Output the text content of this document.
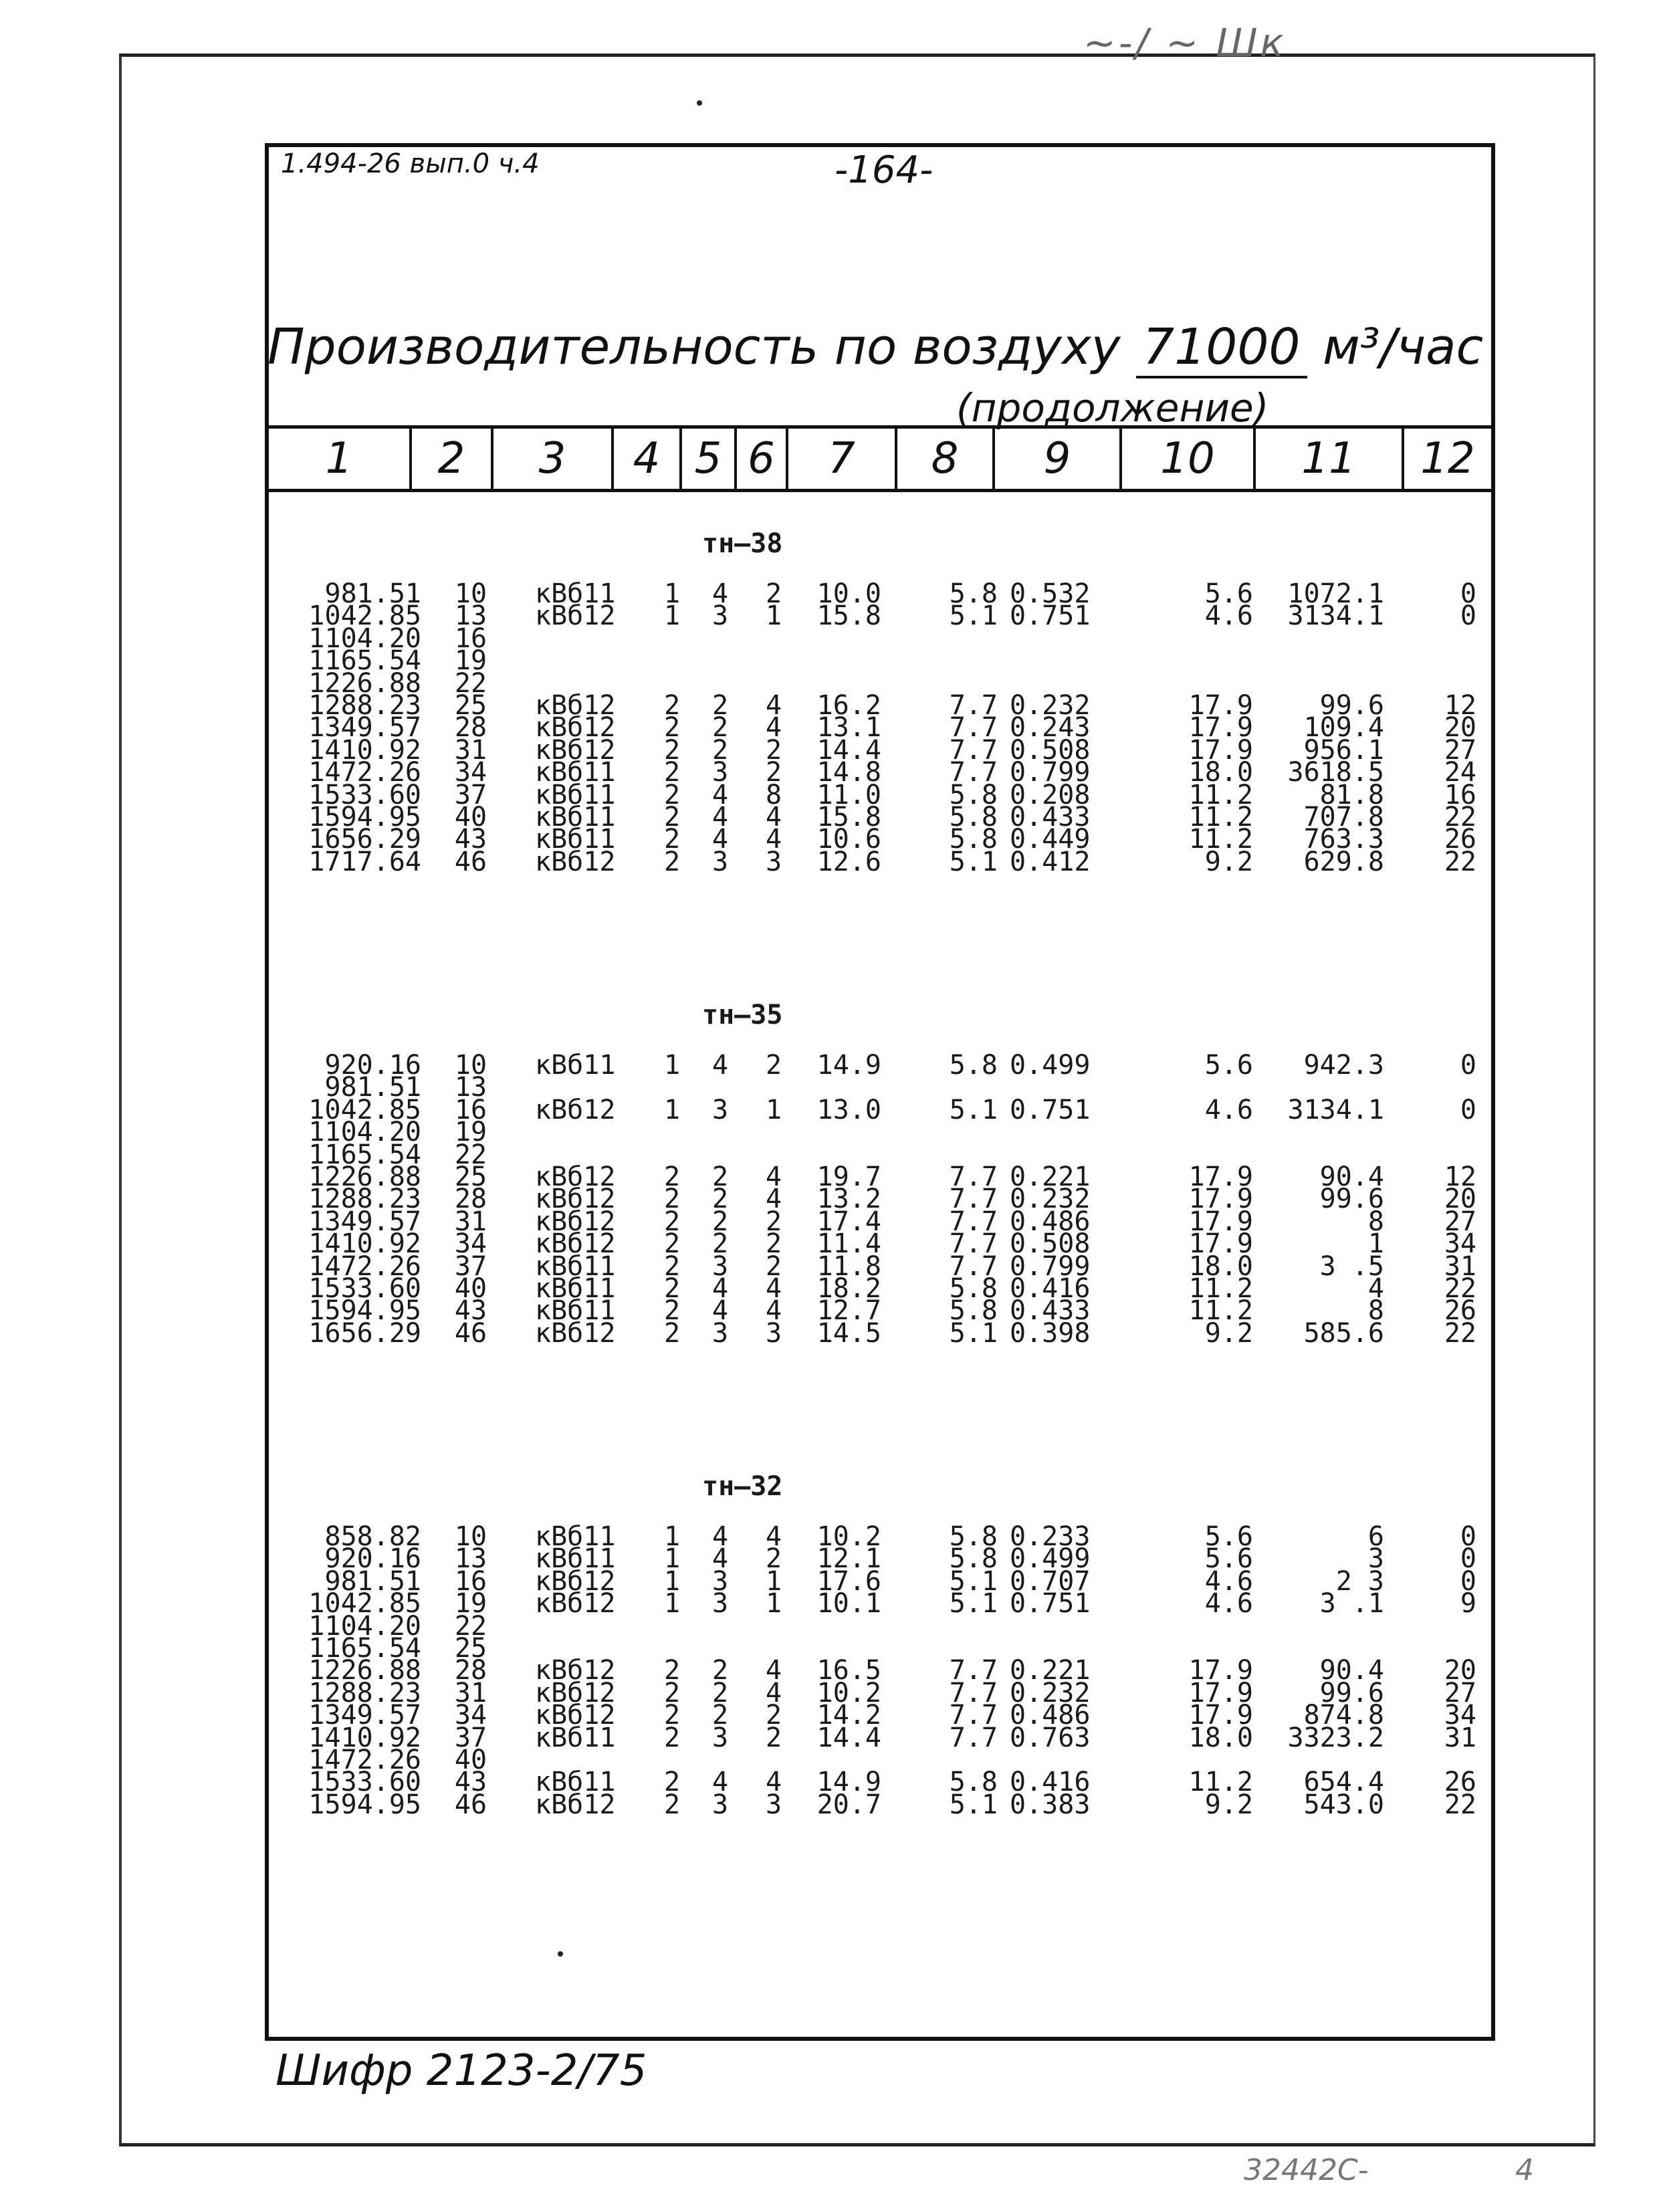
~-/ ~ Шк
1.494-26 вып.0 ч.4	-164-
Производительность по воздуху 71000 м³/час
(продолжение)
1	2	3	4 5 6	7	8	9	10	11	12
тн—38
981.51	10	кВб11	1	4	2	10.0	5.8 0.532	5.6	1072.1	0
1042.85	13	кВб12	1	3	1	15.8	5.1 0.751	4.6	3134.1	0
1104.20	16
1165.54	19
1226.88	22
1288.23	25	кВб12	2	2	4	16.2	7.7 0.232	17.9	99.6	12
1349.57	28	кВб12	2	2	4	13.1	7.7 0.243	17.9	109.4	20
1410.92	31	кВб12	2	2	2	14.4	7.7 0.508	17.9	956.1	27
1472.26	34	кВб11	2	3	2	14.8	7.7 0.799	18.0	3618.5	24
1533.60	37	кВб11	2	4	8	11.0	5.8 0.208	11.2	81.8	16
1594.95	40	кВб11	2	4	4	15.8	5.8 0.433	11.2	707.8	22
1656.29	43	кВб11	2	4	4	10.6	5.8 0.449	11.2	763.3	26
1717.64	46	кВб12	2	3	3	12.6	5.1 0.412	9.2	629.8	22
тн—35
920.16	10	кВб11	1	4	2	14.9	5.8 0.499	5.6	942.3	0
981.51	13
1042.85	16	кВб12	1	3	1	13.0	5.1 0.751	4.6	3134.1	0
1104.20	19
1165.54	22
1226.88	25	кВб12	2	2	4	19.7	7.7 0.221	17.9	90.4	12
1288.23	28	кВб12	2	2	4	13.2	7.7 0.232	17.9	99.6	20
1349.57	31	кВб12	2	2	2	17.4	7.7 0.486	17.9	8	27
1410.92	34	кВб12	2	2	2	11.4	7.7 0.508	17.9	1	34
1472.26	37	кВб11	2	3	2	11.8	7.7 0.799	18.0	3 .5	31
1533.60	40	кВб11	2	4	4	18.2	5.8 0.416	11.2	4	22
1594.95	43	кВб11	2	4	4	12.7	5.8 0.433	11.2	8	26
1656.29	46	кВб12	2	3	3	14.5	5.1 0.398	9.2	585.6	22
тн—32
858.82	10	кВб11	1	4	4	10.2	5.8 0.233	5.6	6	0
920.16	13	кВб11	1	4	2	12.1	5.8 0.499	5.6	3	0
981.51	16	кВб12	1	3	1	17.6	5.1 0.707	4.6	2 3	0
1042.85	19	кВб12	1	3	1	10.1	5.1 0.751	4.6	3 .1	9
1104.20	22
1165.54	25
1226.88	28	кВб12	2	2	4	16.5	7.7 0.221	17.9	90.4	20
1288.23	31	кВб12	2	2	4	10.2	7.7 0.232	17.9	99.6	27
1349.57	34	кВб12	2	2	2	14.2	7.7 0.486	17.9	874.8	34
1410.92	37	кВб11	2	3	2	14.4	7.7 0.763	18.0	3323.2	31
1472.26	40
1533.60	43	кВб11	2	4	4	14.9	5.8 0.416	11.2	654.4	26
1594.95	46	кВб12	2	3	3	20.7	5.1 0.383	9.2	543.0	22
Шифр 2123-2/75
32442С-	4
